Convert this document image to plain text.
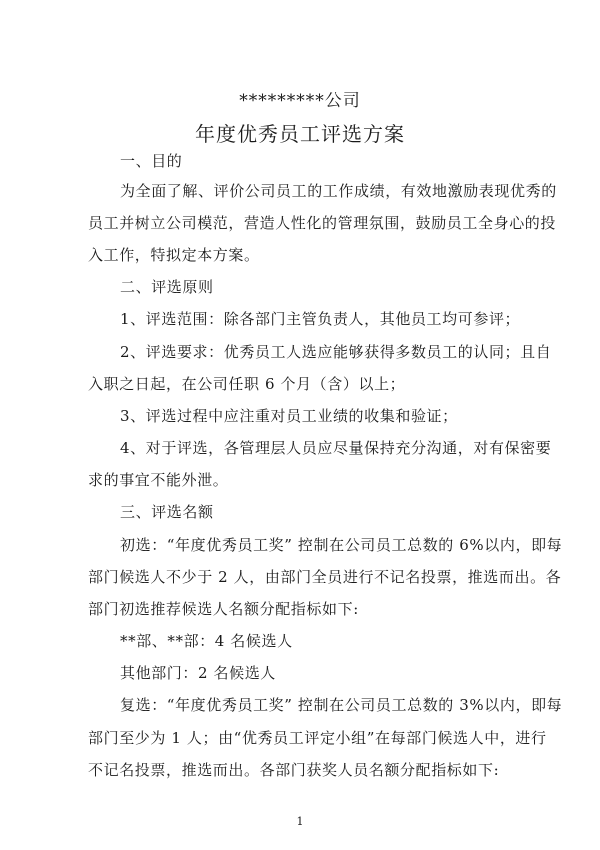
*********公司
年度优秀员工评选方案
一、目的
为全面了解、评价公司员工的工作成绩，有效地激励表现优秀的
员工并树立公司模范，营造人性化的管理氛围，鼓励员工全身心的投
入工作，特拟定本方案。
二、评选原则
1、评选范围：除各部门主管负责人，其他员工均可参评；
2、评选要求：优秀员工人选应能够获得多数员工的认同；且自
入职之日起，在公司任职 6 个月（含）以上；
3、评选过程中应注重对员工业绩的收集和验证；
4、对于评选，各管理层人员应尽量保持充分沟通，对有保密要
求的事宜不能外泄。
三、评选名额
初选：“年度优秀员工奖” 控制在公司员工总数的 6%以内，即每
部门候选人不少于 2 人，由部门全员进行不记名投票，推选而出。各
部门初选推荐候选人名额分配指标如下:
**部、**部：4 名候选人
其他部门：2 名候选人
复选：“年度优秀员工奖” 控制在公司员工总数的 3%以内，即每
部门至少为 1 人；由“优秀员工评定小组”在每部门候选人中，进行
不记名投票，推选而出。各部门获奖人员名额分配指标如下:
1
